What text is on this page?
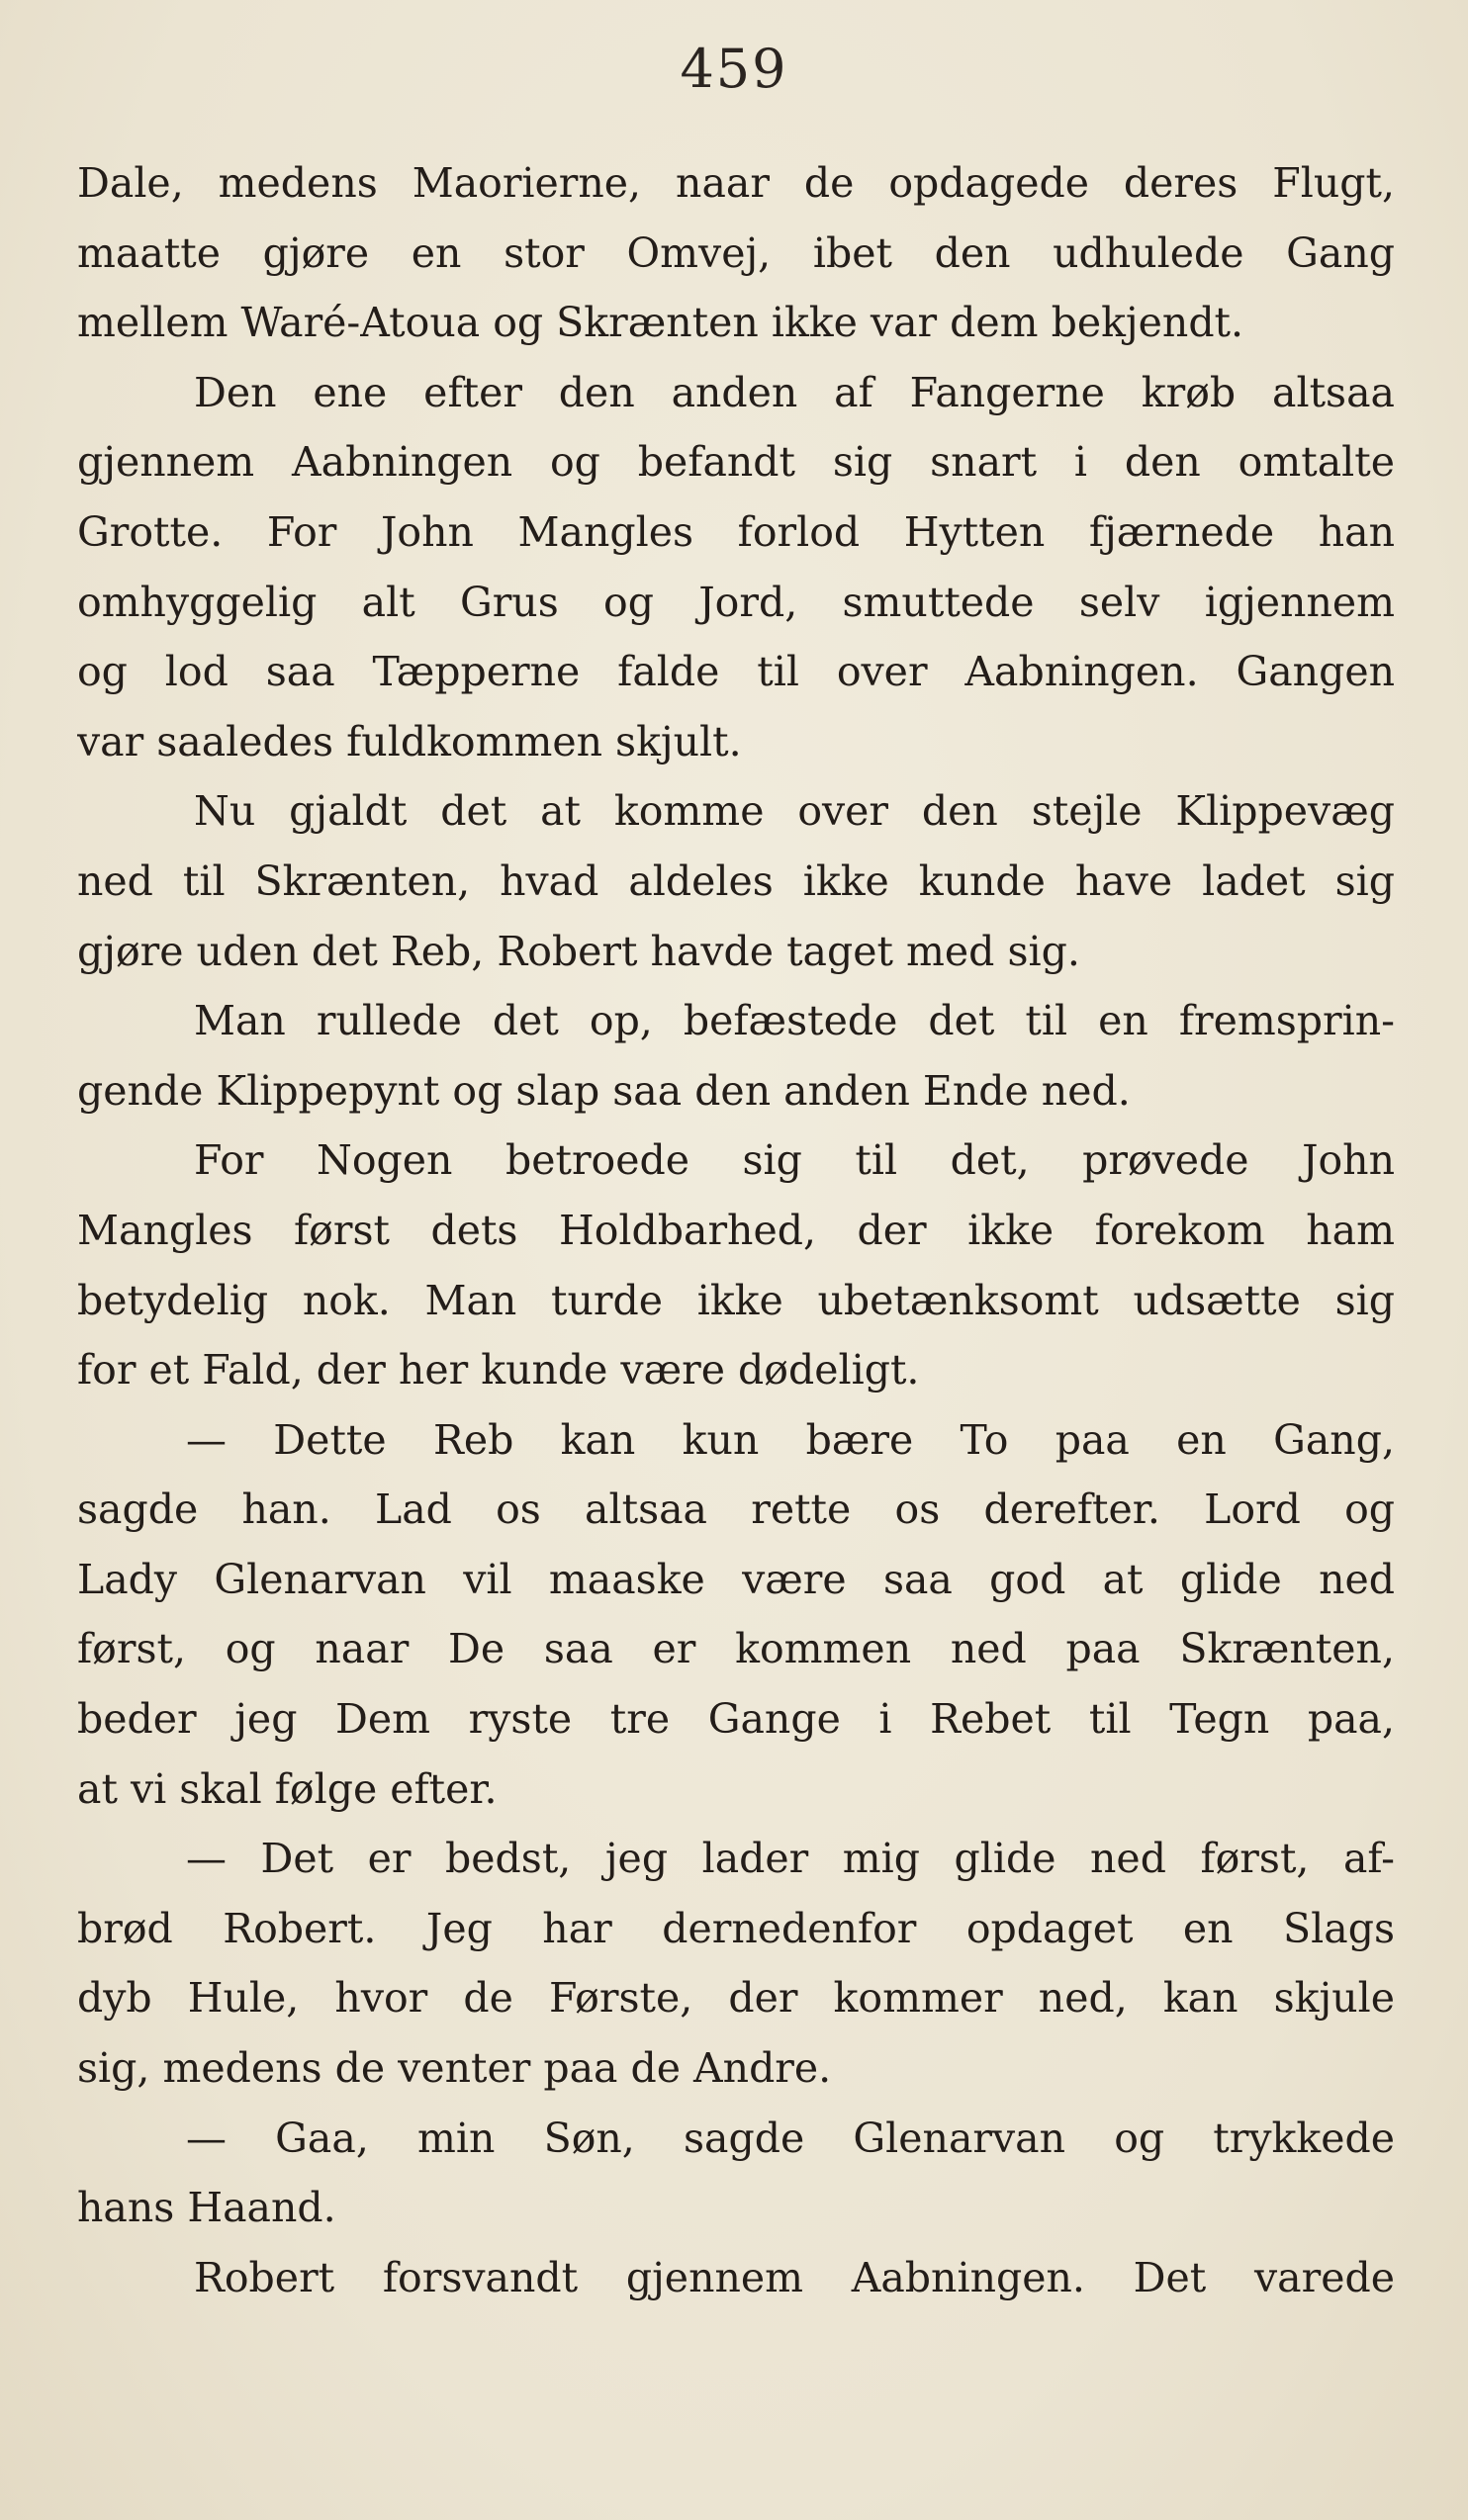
459
Dale, medens Maorierne, naar de opdagede deres Flugt,
maatte gjøre en stor Omvej, ibet den udhulede Gang
mellem Waré-Atoua og Skrænten ikke var dem bekjendt.
Den ene efter den anden af Fangerne krøb altsaa
gjennem Aabningen og befandt sig snart i den omtalte
Grotte. For John Mangles forlod Hytten fjærnede han
omhyggelig alt Grus og Jord, smuttede selv igjennem
og lod saa Tæpperne falde til over Aabningen. Gangen
var saaledes fuldkommen skjult.
Nu gjaldt det at komme over den stejle Klippevæg
ned til Skrænten, hvad aldeles ikke kunde have ladet sig
gjøre uden det Reb, Robert havde taget med sig.
Man rullede det op, befæstede det til en fremsprin-
gende Klippepynt og slap saa den anden Ende ned.
For Nogen betroede sig til det, prøvede John
Mangles først dets Holdbarhed, der ikke forekom ham
betydelig nok. Man turde ikke ubetænksomt udsætte sig
for et Fald, der her kunde være dødeligt.
— Dette Reb kan kun bære To paa en Gang,
sagde han. Lad os altsaa rette os derefter. Lord og
Lady Glenarvan vil maaske være saa god at glide ned
først, og naar De saa er kommen ned paa Skrænten,
beder jeg Dem ryste tre Gange i Rebet til Tegn paa,
at vi skal følge efter.
— Det er bedst, jeg lader mig glide ned først, af-
brød Robert. Jeg har dernedenfor opdaget en Slags
dyb Hule, hvor de Første, der kommer ned, kan skjule
sig, medens de venter paa de Andre.
— Gaa, min Søn, sagde Glenarvan og trykkede
hans Haand.
Robert forsvandt gjennem Aabningen. Det varede
